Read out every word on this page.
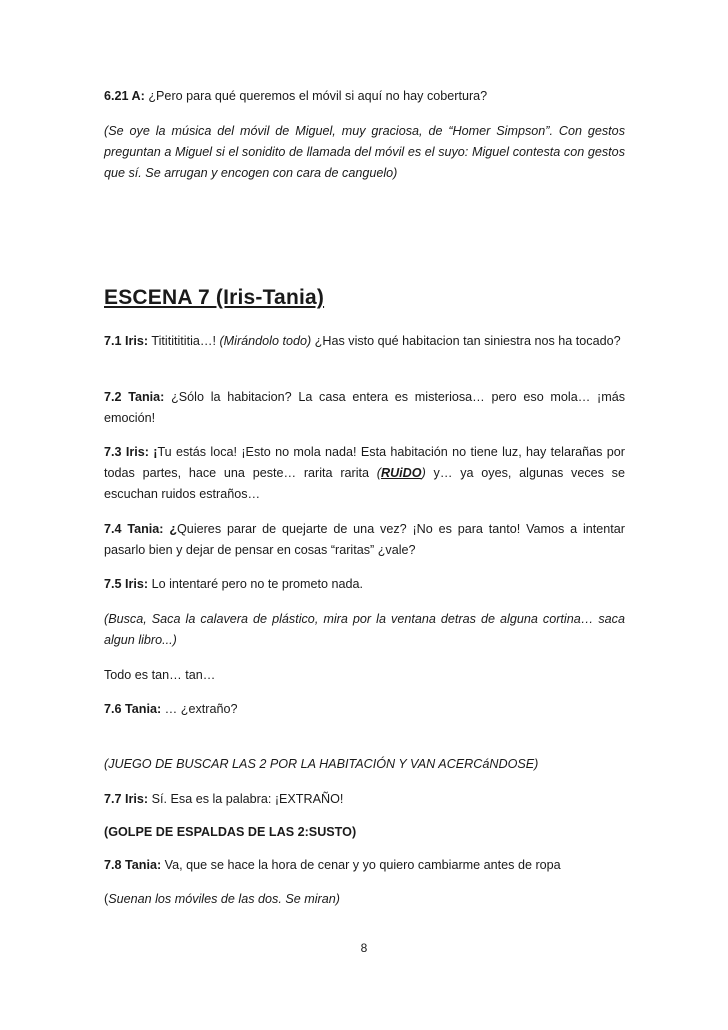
6.21 A: ¿Pero para qué queremos el móvil si aquí no hay cobertura?

(Se oye la música del móvil de Miguel, muy graciosa, de “Homer Simpson”. Con gestos preguntan a Miguel si el sonidito de llamada del móvil es el suyo: Miguel contesta con gestos que sí. Se arrugan y encogen con cara de canguelo)

ESCENA 7 (Iris-Tania)

7.1 Iris: Titititititia…! (Mirándolo todo) ¿Has visto qué habitacion tan siniestra nos ha tocado?

7.2 Tania: ¿Sólo la habitacion? La casa entera es misteriosa… pero eso mola… ¡más emoción!

7.3 Iris: ¡Tu estás loca! ¡Esto no mola nada! Esta habitación no tiene luz, hay telarañas por todas partes, hace una peste… rarita rarita (RUiDO) y… ya oyes, algunas veces se escuchan ruidos estraños…

7.4 Tania: ¿Quieres parar de quejarte de una vez? ¡No es para tanto! Vamos a intentar pasarlo bien y dejar de pensar en cosas “raritas” ¿vale?

7.5 Iris: Lo intentaré pero no te prometo nada.

(Busca, Saca la calavera de plástico, mira por la ventana detras de alguna cortina… saca algun libro...)

Todo es tan… tan…

7.6 Tania: … ¿extraño?

(JUEGO DE BUSCAR LAS 2 POR LA HABITACIÓN Y VAN ACERCáNDOSE)

7.7 Iris: Sí. Esa es la palabra: ¡EXTRAÑO!

(GOLPE DE ESPALDAS DE LAS 2:SUSTO)

7.8 Tania: Va, que se hace la hora de cenar y yo quiero cambiarme antes de ropa

(Suenan los móviles de las dos. Se miran)

8
